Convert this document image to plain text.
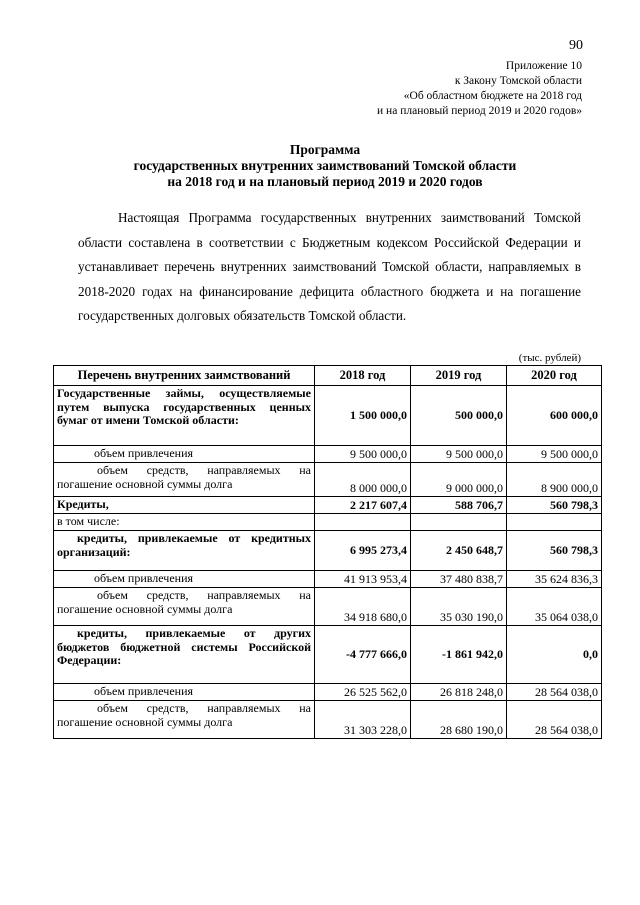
90
Приложение 10
к Закону Томской области
«Об областном бюджете на 2018 год
и на плановый период 2019 и 2020 годов»
Программа
государственных внутренних заимствований Томской области
на 2018 год и на плановый период 2019 и 2020 годов
Настоящая Программа государственных внутренних заимствований Томской области составлена в соответствии с Бюджетным кодексом Российской Федерации и устанавливает перечень внутренних заимствований Томской области, направляемых в 2018-2020 годах на финансирование дефицита областного бюджета и на погашение государственных долговых обязательств Томской области.
(тыс. рублей)
Перечень внутренних заимствований	2018 год	2019 год	2020 год
Государственные займы, осуществляемые путем выпуска государственных ценных бумаг от имени Томской области:	1 500 000,0	500 000,0	600 000,0
объем привлечения	9 500 000,0	9 500 000,0	9 500 000,0
объем средств, направляемых на погашение основной суммы долга	8 000 000,0	9 000 000,0	8 900 000,0
Кредиты,	2 217 607,4	588 706,7	560 798,3
в том числе:			
кредиты, привлекаемые от кредитных организаций:	6 995 273,4	2 450 648,7	560 798,3
объем привлечения	41 913 953,4	37 480 838,7	35 624 836,3
объем средств, направляемых на погашение основной суммы долга	34 918 680,0	35 030 190,0	35 064 038,0
кредиты, привлекаемые от других бюджетов бюджетной системы Российской Федерации:	-4 777 666,0	-1 861 942,0	0,0
объем привлечения	26 525 562,0	26 818 248,0	28 564 038,0
объем средств, направляемых на погашение основной суммы долга	31 303 228,0	28 680 190,0	28 564 038,0
